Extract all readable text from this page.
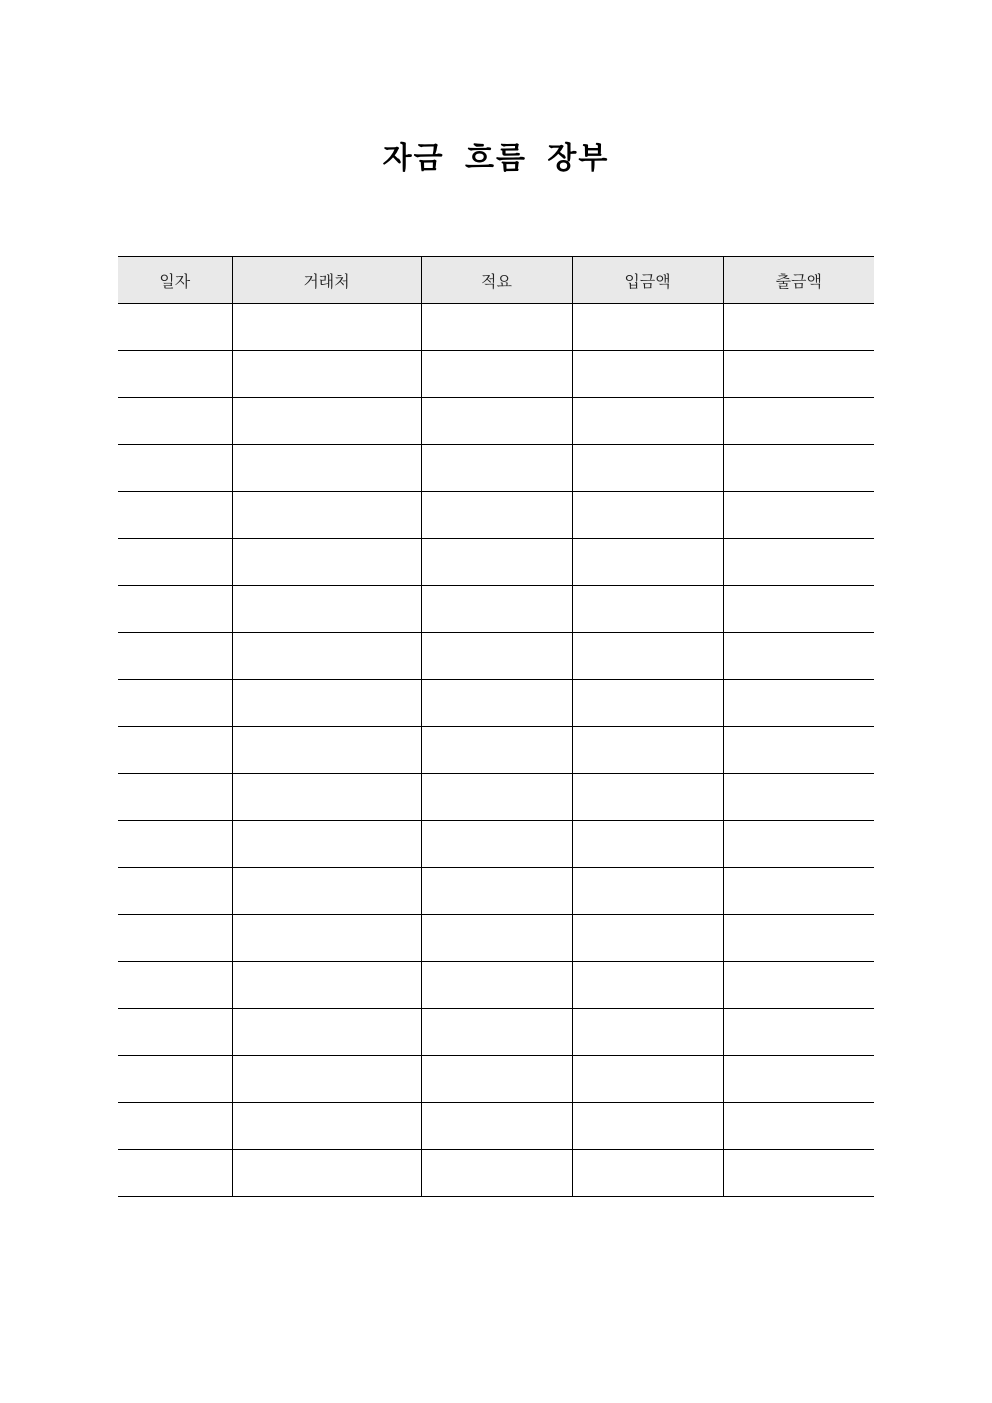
자금 흐름 장부
일자	거래처	적요	입금액	출금액
